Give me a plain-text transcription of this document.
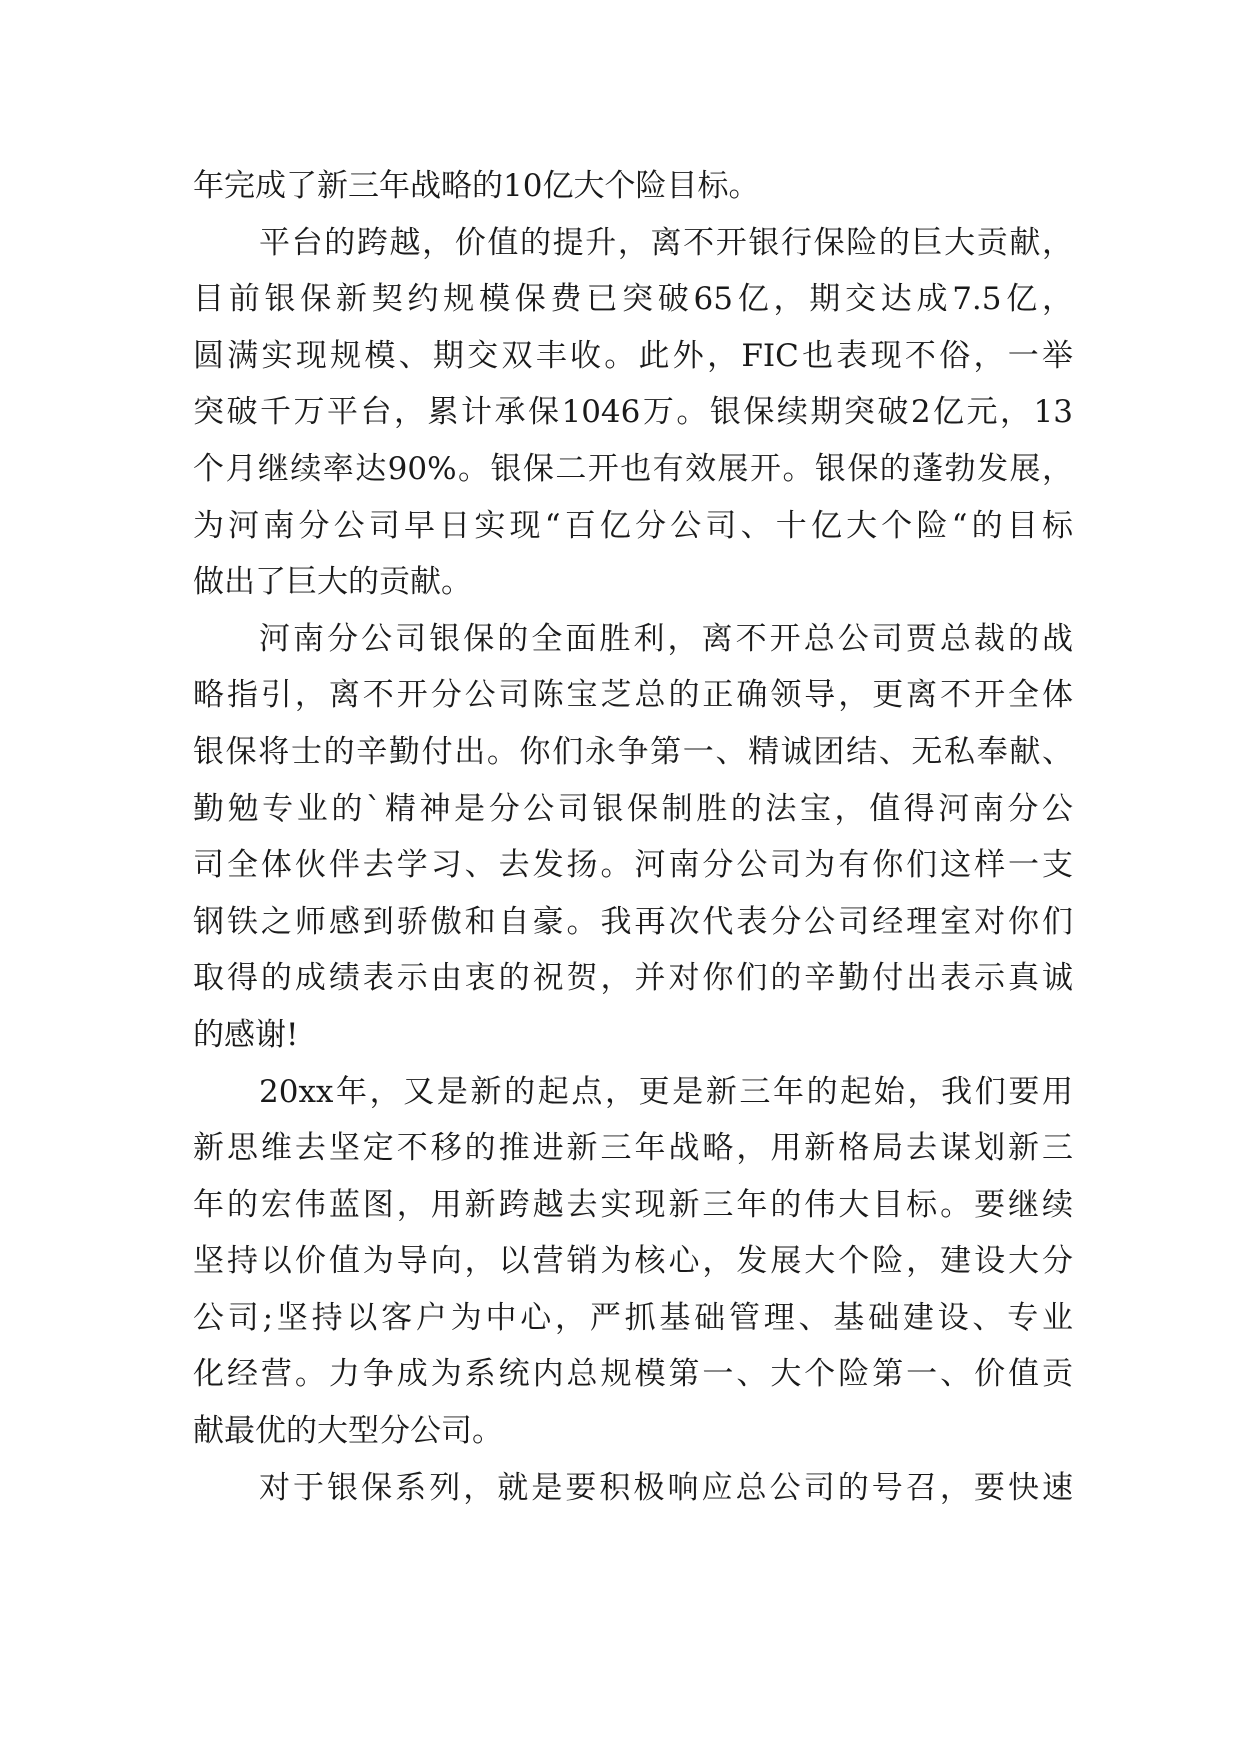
年完成了新三年战略的10亿大个险目标。
平台的跨越，价值的提升，离不开银行保险的巨大贡献，
目前银保新契约规模保费已突破65亿，期交达成7.5亿，
圆满实现规模、期交双丰收。此外，FIC也表现不俗，一举
突破千万平台，累计承保1046万。银保续期突破2亿元，13
个月继续率达90%。银保二开也有效展开。银保的蓬勃发展，
为河南分公司早日实现“百亿分公司、十亿大个险“的目标
做出了巨大的贡献。
河南分公司银保的全面胜利，离不开总公司贾总裁的战
略指引，离不开分公司陈宝芝总的正确领导，更离不开全体
银保将士的辛勤付出。你们永争第一、精诚团结、无私奉献、
勤勉专业的`精神是分公司银保制胜的法宝，值得河南分公
司全体伙伴去学习、去发扬。河南分公司为有你们这样一支
钢铁之师感到骄傲和自豪。我再次代表分公司经理室对你们
取得的成绩表示由衷的祝贺，并对你们的辛勤付出表示真诚
的感谢!
20xx年，又是新的起点，更是新三年的起始，我们要用
新思维去坚定不移的推进新三年战略，用新格局去谋划新三
年的宏伟蓝图，用新跨越去实现新三年的伟大目标。要继续
坚持以价值为导向，以营销为核心，发展大个险，建设大分
公司;坚持以客户为中心，严抓基础管理、基础建设、专业
化经营。力争成为系统内总规模第一、大个险第一、价值贡
献最优的大型分公司。
对于银保系列，就是要积极响应总公司的号召，要快速
